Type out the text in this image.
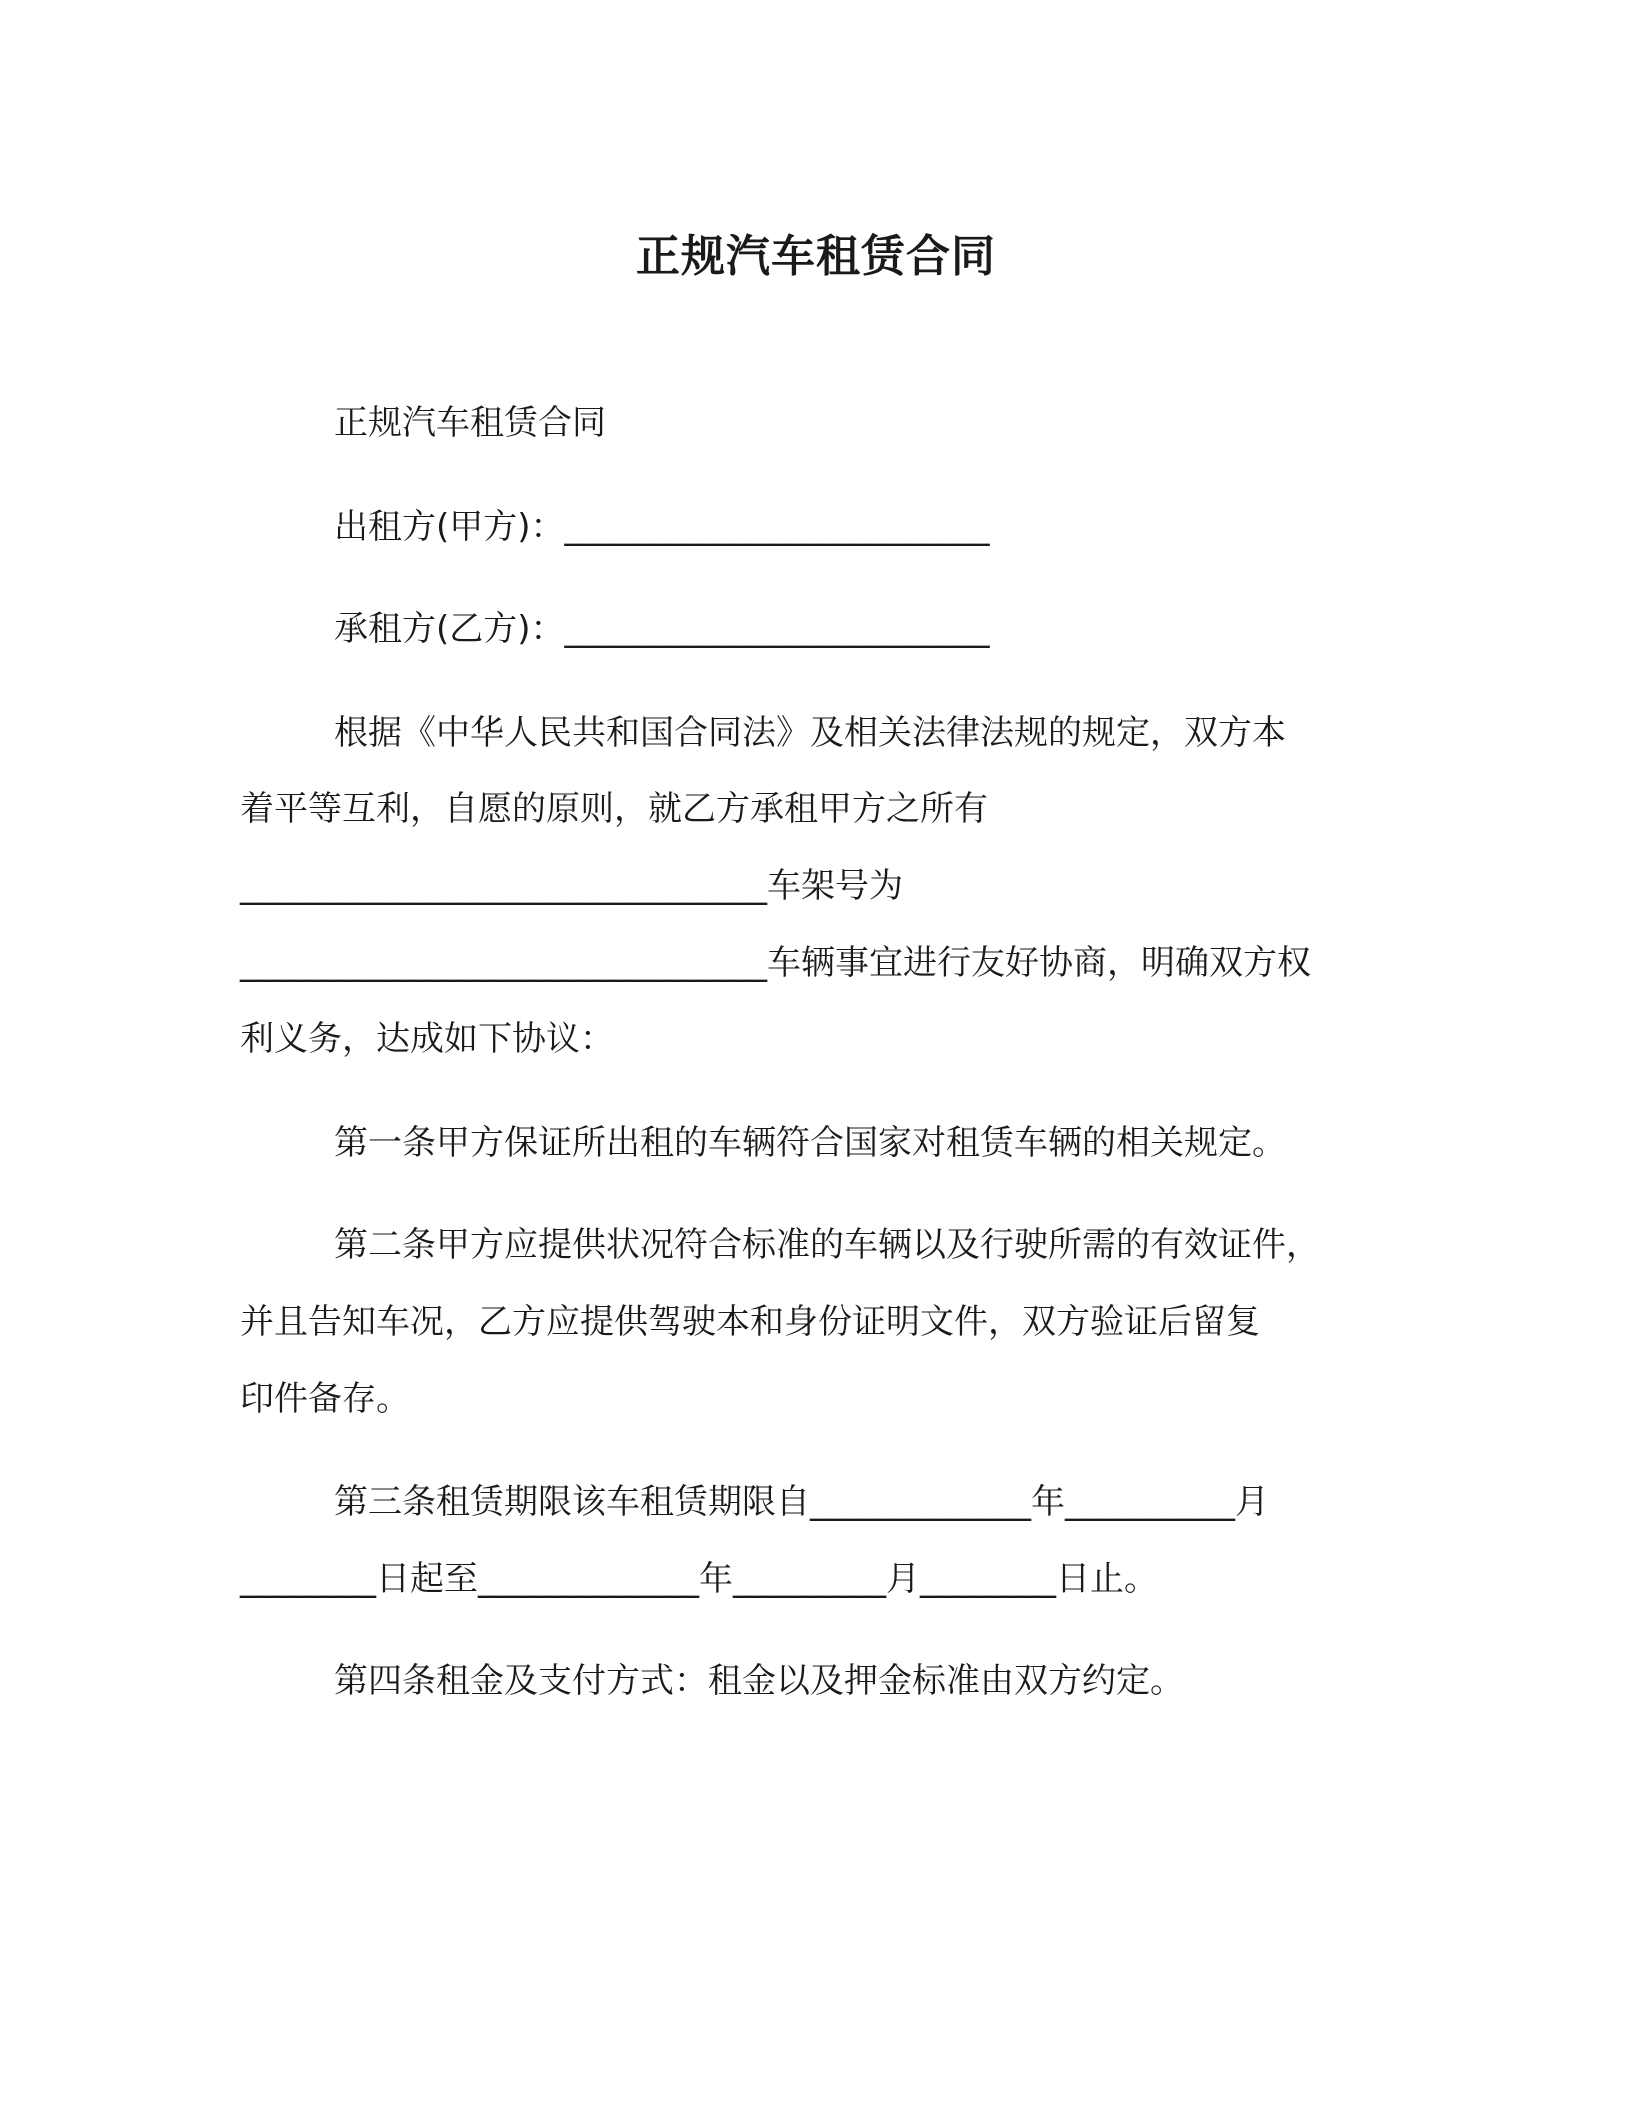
正规汽车租赁合同
正规汽车租赁合同
出租方(甲方)：_________________________
承租方(乙方)：_________________________
根据《中华人民共和国合同法》及相关法律法规的规定，双方本
着平等互利，自愿的原则，就乙方承租甲方之所有
_______________________________车架号为
_______________________________车辆事宜进行友好协商，明确双方权
利义务，达成如下协议：
第一条甲方保证所出租的车辆符合国家对租赁车辆的相关规定。
第二条甲方应提供状况符合标准的车辆以及行驶所需的有效证件，
并且告知车况，乙方应提供驾驶本和身份证明文件，双方验证后留复
印件备存。
第三条租赁期限该车租赁期限自_____________年__________月
________日起至_____________年_________月________日止。
第四条租金及支付方式：租金以及押金标准由双方约定。
